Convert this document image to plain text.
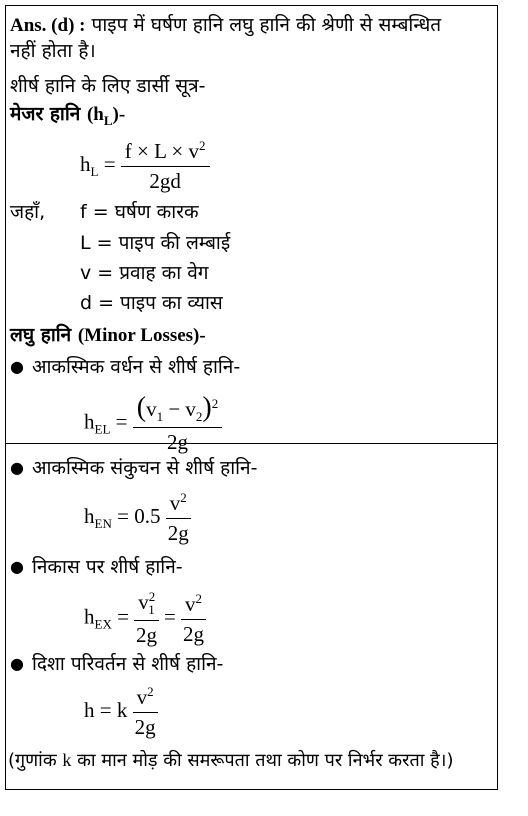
Ans. (d) : पाइप में घर्षण हानि लघु हानि की श्रेणी से सम्बन्धित
नहीं होता है।
शीर्ष हानि के लिए डार्सी सूत्र-
मेजर हानि $(h_L)-$
$h_L = \frac{f \times L \times v^2}{2gd}$
जहाँ, f = घर्षण कारक
L = पाइप की लम्बाई
v = प्रवाह का वेग
d = पाइप का व्यास
लघु हानि (Minor Losses)-
● आकस्मिक वर्धन से शीर्ष हानि-
$h_{EL} = \frac{(v_1 - v_2)^2}{2g}$
● आकस्मिक संकुचन से शीर्ष हानि-
$h_{EN} = 0.5 \frac{v^2}{2g}$
● निकास पर शीर्ष हानि-
$h_{EX} = \frac{v^2_1}{2g} = \frac{v^2}{2g}$
● दिशा परिवर्तन से शीर्ष हानि-
h = k $\frac{v^2}{2g}$
(गुणांक k का मान मोड़ की समरूपता तथा कोण पर निर्भर करता है।)
